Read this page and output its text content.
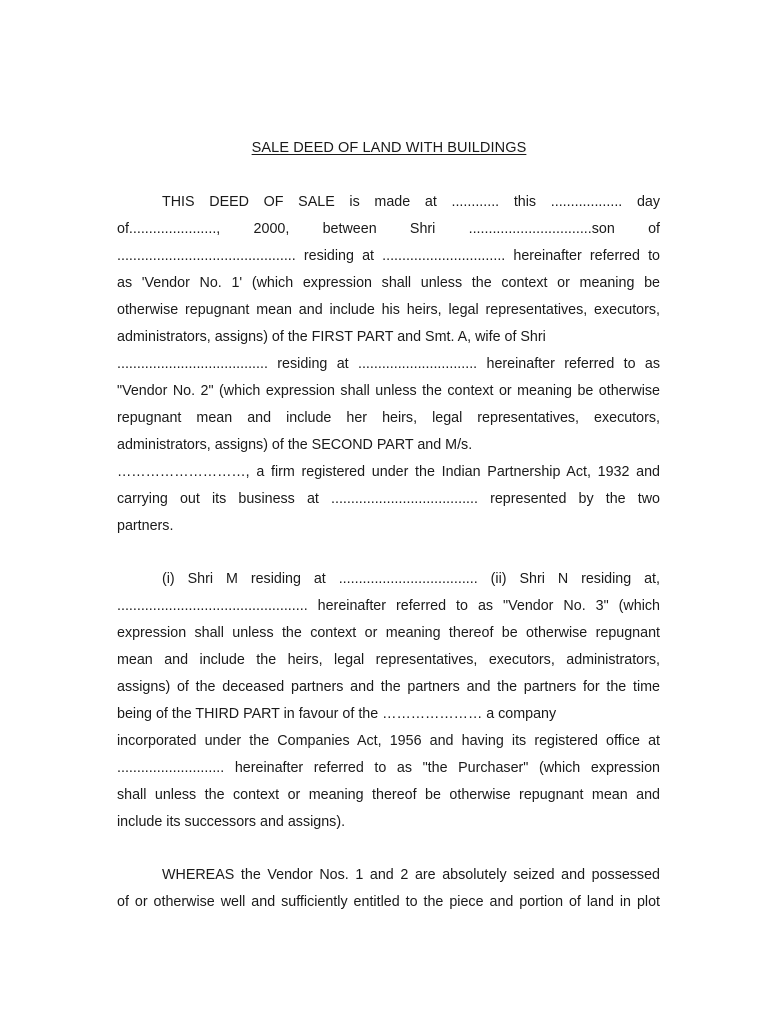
SALE DEED OF LAND WITH BUILDINGS
THIS DEED OF SALE is made at ............ this .................. day
of......................, 2000, between Shri ...............................son of
............................................. residing at ............................... hereinafter referred to
as 'Vendor No. 1' (which expression shall unless the context or meaning be
otherwise repugnant mean and include his heirs, legal representatives, executors,
administrators, assigns) of the FIRST PART and Smt. A, wife of Shri
...................................... residing at .............................. hereinafter referred to as
"Vendor No. 2" (which expression shall unless the context or meaning be otherwise
repugnant mean and include her heirs, legal representatives, executors,
administrators, assigns) of the SECOND PART and M/s.
………………………, a firm registered under the Indian Partnership Act, 1932 and
carrying out its business at ..................................... represented by the two
partners.
(i) Shri M residing at ................................... (ii) Shri N residing at,
................................................ hereinafter referred to as "Vendor No. 3" (which
expression shall unless the context or meaning thereof be otherwise repugnant
mean and include the heirs, legal representatives, executors, administrators,
assigns) of the deceased partners and the partners and the partners for the time
being of the THIRD PART in favour of the ………………… a company
incorporated under the Companies Act, 1956 and having its registered office at
........................... hereinafter referred to as "the Purchaser" (which expression
shall unless the context or meaning thereof be otherwise repugnant mean and
include its successors and assigns).
WHEREAS the Vendor Nos. 1 and 2 are absolutely seized and possessed
of or otherwise well and sufficiently entitled to the piece and portion of land in plot
